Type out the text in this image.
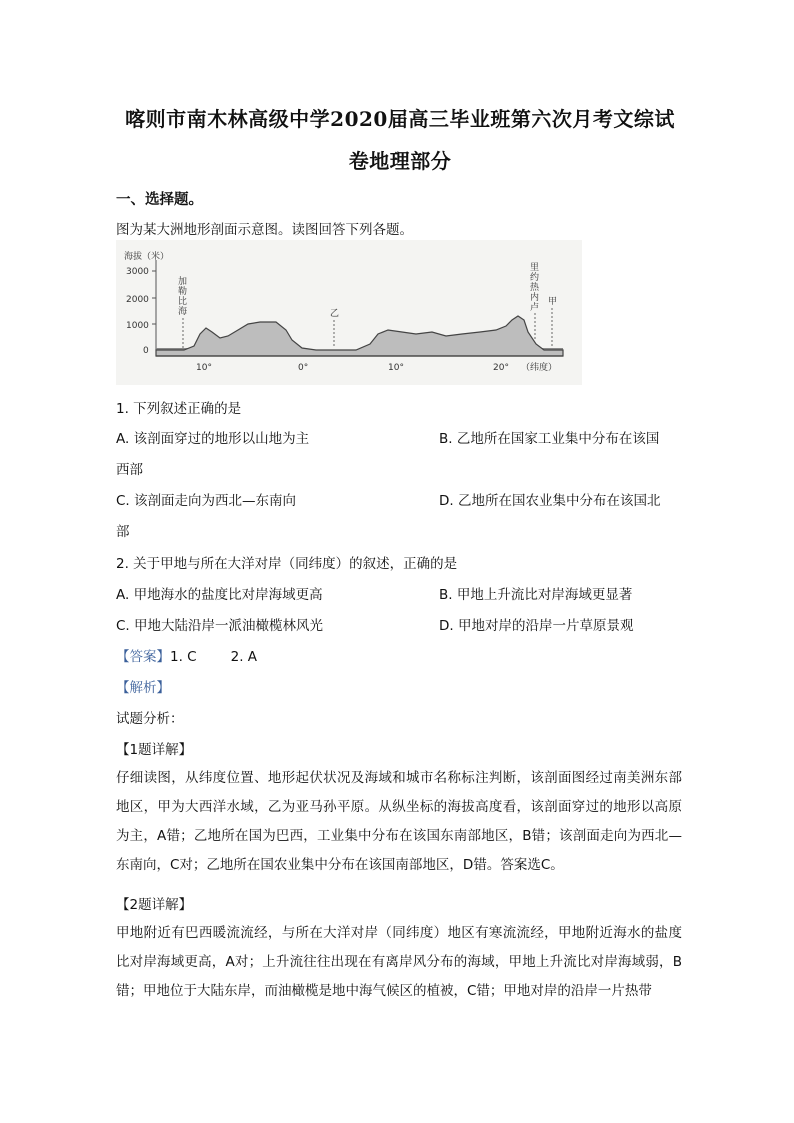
喀则市南木林高级中学2020届高三毕业班第六次月考文综试
卷地理部分
一、选择题。
图为某大洲地形剖面示意图。读图回答下列各题。
海拔（米）
3000
2000
1000
0
10°	0°	10°	20° （纬度）
加
勒
比
海	乙
里
约
热
内
卢
甲
1. 下列叙述正确的是
A. 该剖面穿过的地形以山地为主	B. 乙地所在国家工业集中分布在该国
西部
C. 该剖面走向为西北—东南向	D. 乙地所在国农业集中分布在该国北
部
2. 关于甲地与所在大洋对岸（同纬度）的叙述，正确的是
A. 甲地海水的盐度比对岸海域更高	B. 甲地上升流比对岸海域更显著
C. 甲地大陆沿岸一派油橄榄林风光	D. 甲地对岸的沿岸一片草原景观
【答案】1. C	2. A
【解析】
试题分析：
【1题详解】
仔细读图，从纬度位置、地形起伏状况及海域和城市名称标注判断，该剖面图经过南美洲东部地区，甲为大西洋水域，乙为亚马孙平原。从纵坐标的海拔高度看，该剖面穿过的地形以高原为主，A错；乙地所在国为巴西，工业集中分布在该国东南部地区，B错；该剖面走向为西北—东南向，C对；乙地所在国农业集中分布在该国南部地区，D错。答案选C。
【2题详解】
甲地附近有巴西暖流流经，与所在大洋对岸（同纬度）地区有寒流流经，甲地附近海水的盐度比对岸海域更高，A对；上升流往往出现在有离岸风分布的海域，甲地上升流比对岸海域弱，B错；甲地位于大陆东岸，而油橄榄是地中海气候区的植被，C错；甲地对岸的沿岸一片热带
